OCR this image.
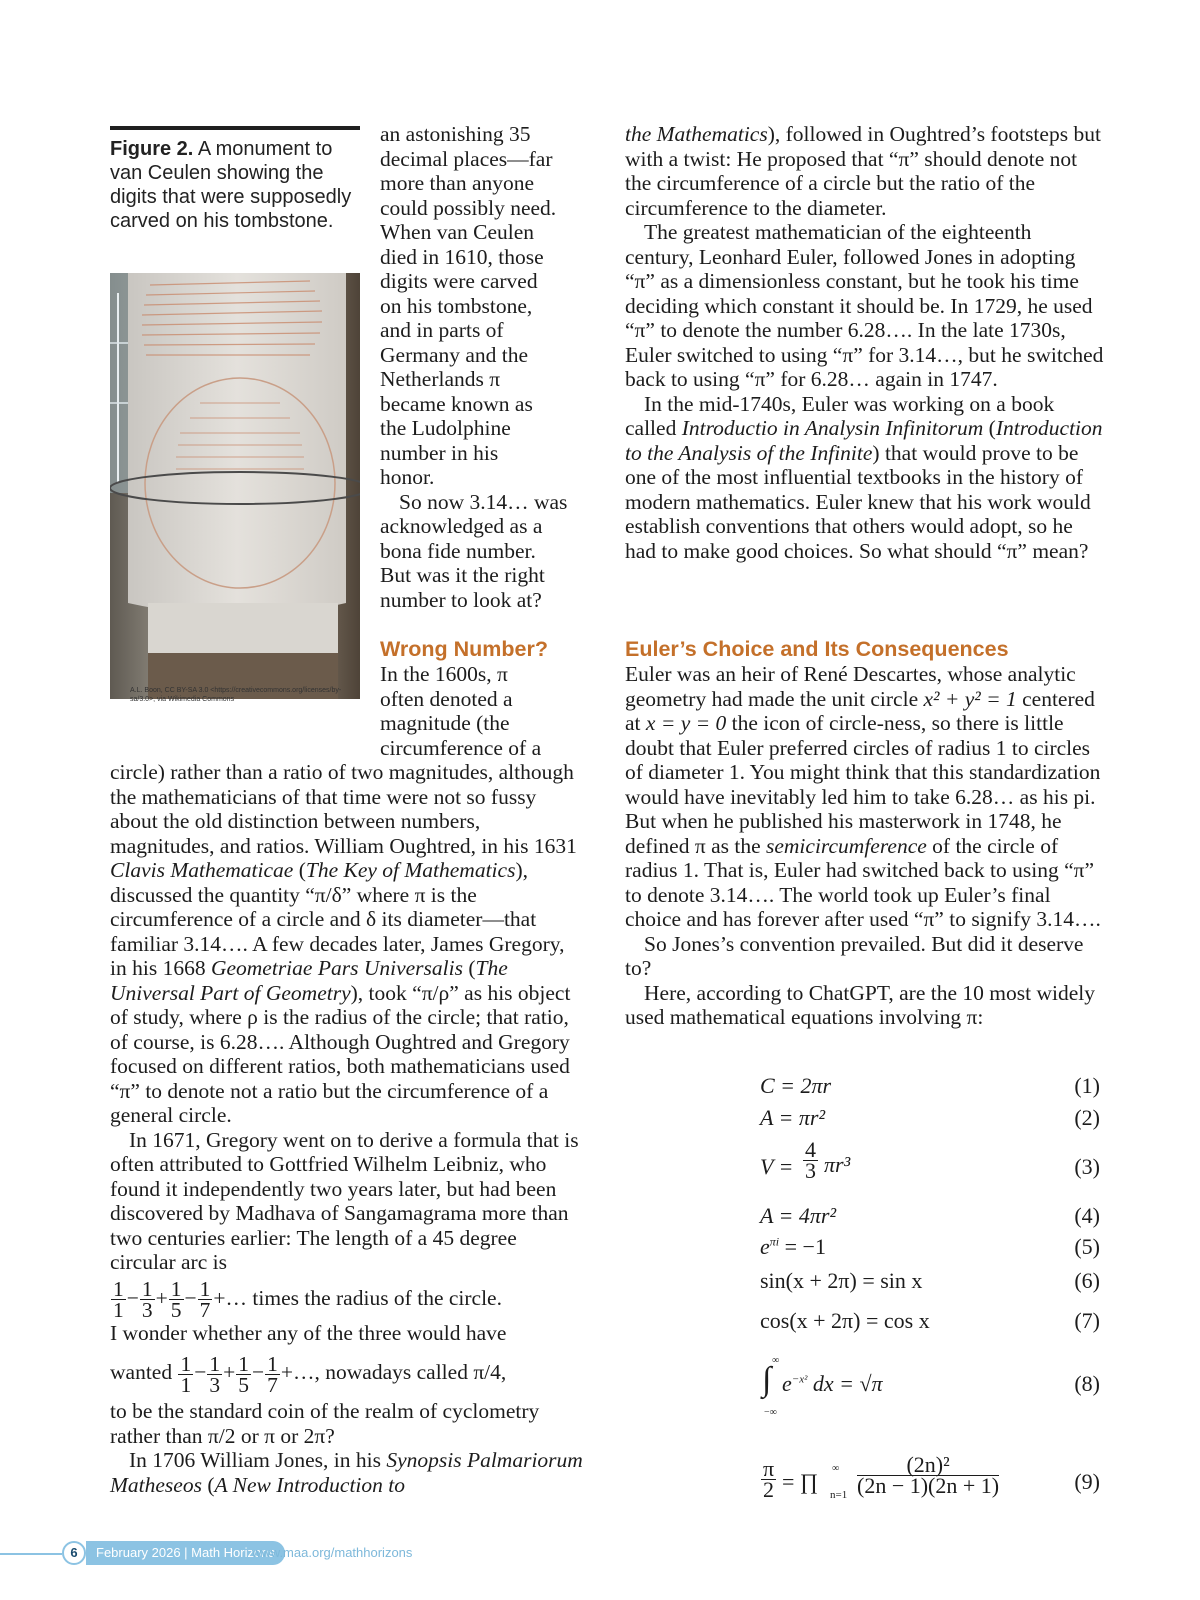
Figure 2. A monument to van Ceulen showing the digits that were supposedly carved on his tombstone.
A.L. Boon, CC BY-SA 3.0 <https://creativecommons.org/licenses/by-sa/3.0>, via Wikimedia Commons
an astonishing 35
decimal places—far
more than anyone
could possibly need.
When van Ceulen
died in 1610, those
digits were carved
on his tombstone,
and in parts of
Germany and the
Netherlands π
became known as
the Ludolphine
number in his
honor.
So now 3.14… was
acknowledged as a
bona fide number.
But was it the right
number to look at?
Wrong Number?
In the 1600s, π
often denoted a
magnitude (the
circumference of a

circle) rather than a ratio of two magnitudes, although the mathematicians of that time were not so fussy about the old distinction between numbers, magnitudes, and ratios. William Oughtred, in his 1631 Clavis Mathematicae (The Key of Mathematics), discussed the quantity “π/δ” where π is the circumference of a circle and δ its diameter—that familiar 3.14…. A few decades later, James Gregory, in his 1668 Geometriae Pars Universalis (The Universal Part of Geometry), took “π/ρ” as his object of study, where ρ is the radius of the circle; that ratio, of course, is 6.28…. Although Oughtred and Gregory focused on different ratios, both mathematicians used “π” to denote not a ratio but the circumference of a general circle.

In 1671, Gregory went on to derive a formula that is often attributed to Gottfried Wilhelm Leibniz, who found it independently two years later, but had been discovered by Madhava of Sangamagrama more than two centuries earlier: The length of a 45 degree circular arc is

$\frac{1}{1} - \frac{1}{3} + \frac{1}{5} - \frac{1}{7}$ +… times the radius of the circle.

I wonder whether any of the three would have

wanted $\frac{1}{1} - \frac{1}{3} + \frac{1}{5} - \frac{1}{7}$ +…, nowadays called π/4,

to be the standard coin of the realm of cyclometry rather than π/2 or π or 2π?

In 1706 William Jones, in his Synopsis Palmariorum Matheseos (A New Introduction to

the Mathematics), followed in Oughtred’s footsteps but with a twist: He proposed that “π” should denote not the circumference of a circle but the ratio of the circumference to the diameter.

The greatest mathematician of the eighteenth century, Leonhard Euler, followed Jones in adopting “π” as a dimensionless constant, but he took his time deciding which constant it should be. In 1729, he used “π” to denote the number 6.28…. In the late 1730s, Euler switched to using “π” for 3.14…, but he switched back to using “π” for 6.28… again in 1747.

In the mid-1740s, Euler was working on a book called Introductio in Analysin Infinitorum (Introduction to the Analysis of the Infinite) that would prove to be one of the most influential textbooks in the history of modern mathematics. Euler knew that his work would establish conventions that others would adopt, so he had to make good choices. So what should “π” mean?

Euler’s Choice and Its Consequences

Euler was an heir of René Descartes, whose analytic geometry had made the unit circle x² + y² = 1 centered at x = y = 0 the icon of circle-ness, so there is little doubt that Euler preferred circles of radius 1 to circles of diameter 1. You might think that this standardization would have inevitably led him to take 6.28… as his pi. But when he published his masterwork in 1748, he defined π as the semicircumference of the circle of radius 1. That is, Euler had switched back to using “π” to denote 3.14…. The world took up Euler’s final choice and has forever after used “π” to signify 3.14….

So Jones’s convention prevailed. But did it deserve to?

Here, according to ChatGPT, are the 10 most widely used mathematical equations involving π:

C = 2πr	(1)
A = πr²	(2)
$V = \frac{4}{3} \pi r^3$	(3)
A = 4πr²	(4)
$e^{\pi i} = -1$	(5)
sin(x + 2π) = sin x	(6)
cos(x + 2π) = cos x	(7)
∞
∫
−∞
$e^{-x^2}$ dx = √π	(8)
$\frac{\pi}{2}$ = ∏
∞
$n=1 \frac{\text{(2n)²}}{(2n - 1)(2n + 1)}$	(9)
6	February 2026 | Math Horizons
www.maa.org/mathhorizons
